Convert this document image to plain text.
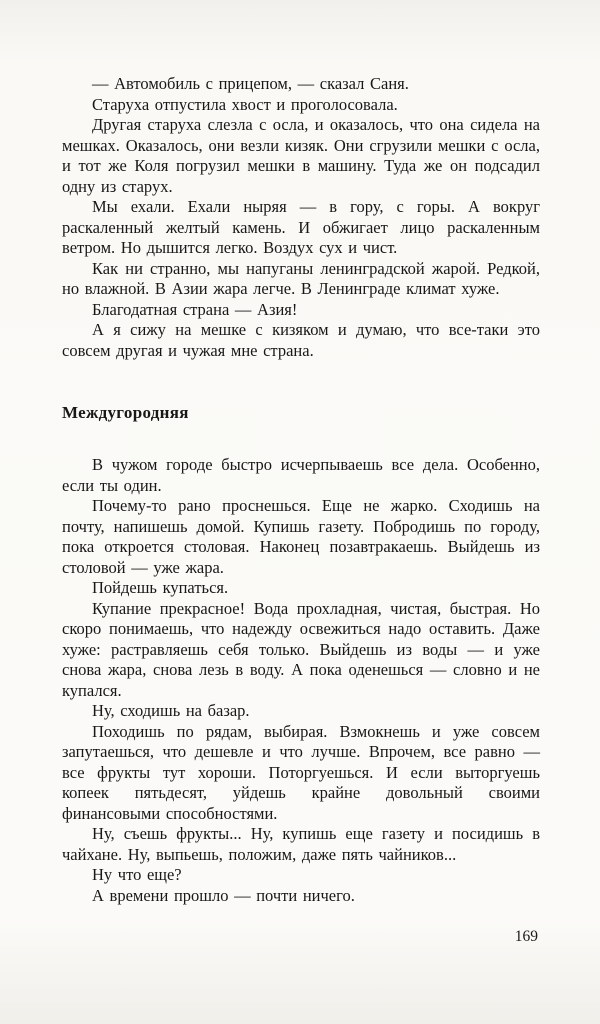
— Автомобиль с прицепом, — сказал Саня.

Старуха отпустила хвост и проголосовала.

Другая старуха слезла с осла, и оказалось, что она сидела на мешках. Оказалось, они везли кизяк. Они сгрузили мешки с осла, и тот же Коля погрузил мешки в машину. Туда же он подсадил одну из старух.

Мы ехали. Ехали ныряя — в гору, с горы. А вокруг раскаленный желтый камень. И обжигает лицо раскаленным ветром. Но дышится легко. Воздух сух и чист.

Как ни странно, мы напуганы ленинградской жарой. Редкой, но влажной. В Азии жара легче. В Ленинграде климат хуже.

Благодатная страна — Азия!

А я сижу на мешке с кизяком и думаю, что все-таки это совсем другая и чужая мне страна.

Междугородняя

В чужом городе быстро исчерпываешь все дела. Особенно, если ты один.

Почему-то рано проснешься. Еще не жарко. Сходишь на почту, напишешь домой. Купишь газету. Побродишь по городу, пока откроется столовая. Наконец позавтракаешь. Выйдешь из столовой — уже жара.

Пойдешь купаться.

Купание прекрасное! Вода прохладная, чистая, быстрая. Но скоро понимаешь, что надежду освежиться надо оставить. Даже хуже: растравляешь себя только. Выйдешь из воды — и уже снова жара, снова лезь в воду. А пока оденешься — словно и не купался.

Ну, сходишь на базар.

Походишь по рядам, выбирая. Взмокнешь и уже совсем запутаешься, что дешевле и что лучше. Впрочем, все равно — все фрукты тут хороши. Поторгуешься. И если выторгуешь копеек пятьдесят, уйдешь крайне довольный своими финансовыми способностями.

Ну, съешь фрукты... Ну, купишь еще газету и посидишь в чайхане. Ну, выпьешь, положим, даже пять чайников...

Ну что еще?

А времени прошло — почти ничего.

169
